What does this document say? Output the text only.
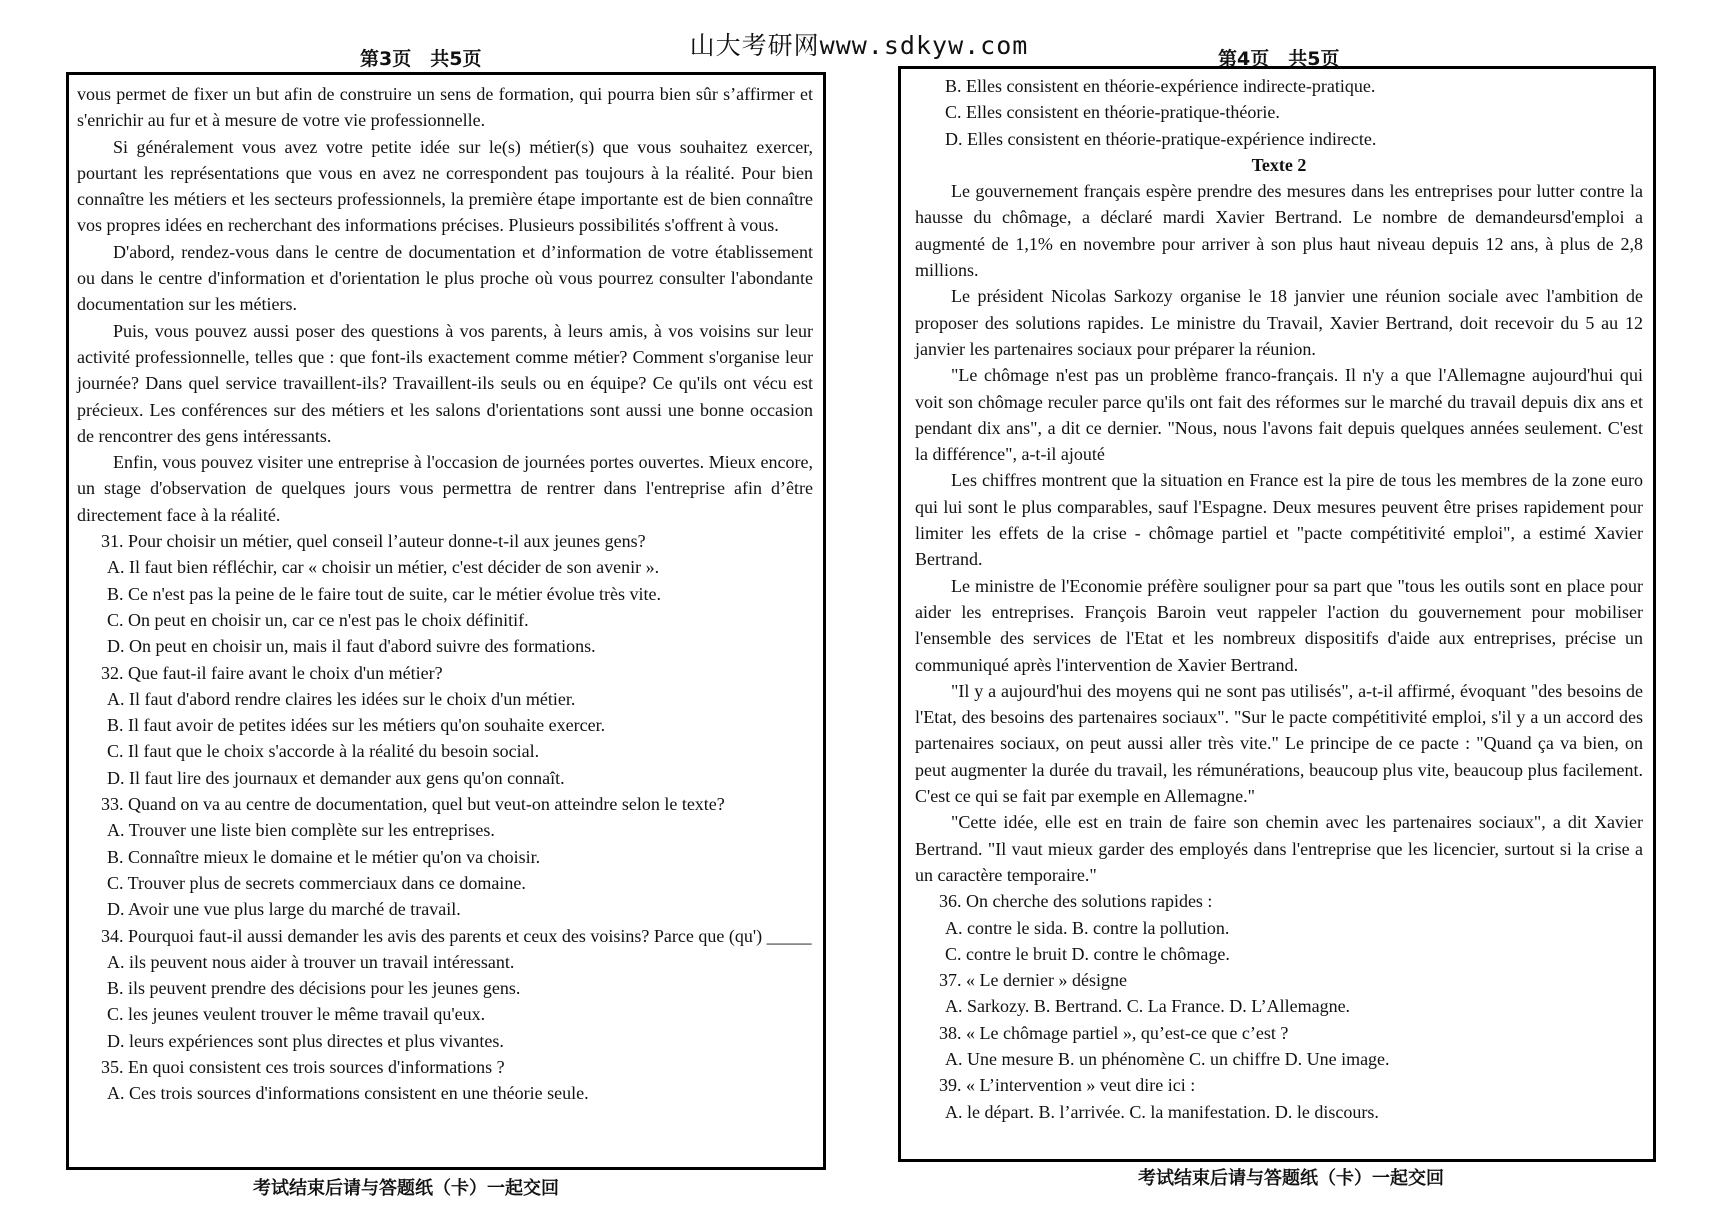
山大考研网www.sdkyw.com
第3页　共5页	第4页　共5页

vous permet de fixer un but afin de construire un sens de formation, qui pourra bien sûr s’affirmer et s'enrichir au fur et à mesure de votre vie professionnelle.

Si généralement vous avez votre petite idée sur le(s) métier(s) que vous souhaitez exercer, pourtant les représentations que vous en avez ne correspondent pas toujours à la réalité. Pour bien connaître les métiers et les secteurs professionnels, la première étape importante est de bien connaître vos propres idées en recherchant des informations précises. Plusieurs possibilités s'offrent à vous.

D'abord, rendez-vous dans le centre de documentation et d’information de votre établissement ou dans le centre d'information et d'orientation le plus proche où vous pourrez consulter l'abondante documentation sur les métiers.

Puis, vous pouvez aussi poser des questions à vos parents, à leurs amis, à vos voisins sur leur activité professionnelle, telles que : que font-ils exactement comme métier? Comment s'organise leur journée? Dans quel service travaillent-ils? Travaillent-ils seuls ou en équipe? Ce qu'ils ont vécu est précieux. Les conférences sur des métiers et les salons d'orientations sont aussi une bonne occasion de rencontrer des gens intéressants.

Enfin, vous pouvez visiter une entreprise à l'occasion de journées portes ouvertes. Mieux encore, un stage d'observation de quelques jours vous permettra de rentrer dans l'entreprise afin d’être directement face à la réalité.

31. Pour choisir un métier, quel conseil l’auteur donne-t-il aux jeunes gens?

A. Il faut bien réfléchir, car « choisir un métier, c'est décider de son avenir ».

B. Ce n'est pas la peine de le faire tout de suite, car le métier évolue très vite.

C. On peut en choisir un, car ce n'est pas le choix définitif.

D. On peut en choisir un, mais il faut d'abord suivre des formations.

32. Que faut-il faire avant le choix d'un métier?

A. Il faut d'abord rendre claires les idées sur le choix d'un métier.

B. Il faut avoir de petites idées sur les métiers qu'on souhaite exercer.

C. Il faut que le choix s'accorde à la réalité du besoin social.

D. Il faut lire des journaux et demander aux gens qu'on connaît.

33. Quand on va au centre de documentation, quel but veut-on atteindre selon le texte?

A. Trouver une liste bien complète sur les entreprises.

B. Connaître mieux le domaine et le métier qu'on va choisir.

C. Trouver plus de secrets commerciaux dans ce domaine.

D. Avoir une vue plus large du marché de travail.

34. Pourquoi faut-il aussi demander les avis des parents et ceux des voisins? Parce que (qu') _____

A. ils peuvent nous aider à trouver un travail intéressant.

B. ils peuvent prendre des décisions pour les jeunes gens.

C. les jeunes veulent trouver le même travail qu'eux.

D. leurs expériences sont plus directes et plus vivantes.

35. En quoi consistent ces trois sources d'informations ?

A. Ces trois sources d'informations consistent en une théorie seule.

B. Elles consistent en théorie-expérience indirecte-pratique.

C. Elles consistent en théorie-pratique-théorie.

D. Elles consistent en théorie-pratique-expérience indirecte.

Texte 2

Le gouvernement français espère prendre des mesures dans les entreprises pour lutter contre la hausse du chômage, a déclaré mardi Xavier Bertrand. Le nombre de demandeursd'emploi a augmenté de 1,1% en novembre pour arriver à son plus haut niveau depuis 12 ans, à plus de 2,8 millions.

Le président Nicolas Sarkozy organise le 18 janvier une réunion sociale avec l'ambition de proposer des solutions rapides. Le ministre du Travail, Xavier Bertrand, doit recevoir du 5 au 12 janvier les partenaires sociaux pour préparer la réunion.

"Le chômage n'est pas un problème franco-français. Il n'y a que l'Allemagne aujourd'hui qui voit son chômage reculer parce qu'ils ont fait des réformes sur le marché du travail depuis dix ans et pendant dix ans", a dit ce dernier. "Nous, nous l'avons fait depuis quelques années seulement. C'est la différence", a-t-il ajouté

Les chiffres montrent que la situation en France est la pire de tous les membres de la zone euro qui lui sont le plus comparables, sauf l'Espagne. Deux mesures peuvent être prises rapidement pour limiter les effets de la crise - chômage partiel et "pacte compétitivité emploi", a estimé Xavier Bertrand.

Le ministre de l'Economie préfère souligner pour sa part que "tous les outils sont en place pour aider les entreprises. François Baroin veut rappeler l'action du gouvernement pour mobiliser l'ensemble des services de l'Etat et les nombreux dispositifs d'aide aux entreprises, précise un communiqué après l'intervention de Xavier Bertrand.

"Il y a aujourd'hui des moyens qui ne sont pas utilisés", a-t-il affirmé, évoquant "des besoins de l'Etat, des besoins des partenaires sociaux". "Sur le pacte compétitivité emploi, s'il y a un accord des partenaires sociaux, on peut aussi aller très vite." Le principe de ce pacte : "Quand ça va bien, on peut augmenter la durée du travail, les rémunérations, beaucoup plus vite, beaucoup plus facilement. C'est ce qui se fait par exemple en Allemagne."

"Cette idée, elle est en train de faire son chemin avec les partenaires sociaux", a dit Xavier Bertrand. "Il vaut mieux garder des employés dans l'entreprise que les licencier, surtout si la crise a un caractère temporaire."

36. On cherche des solutions rapides :

A. contre le sida. B. contre la pollution.

C. contre le bruit D. contre le chômage.

37. « Le dernier » désigne

A. Sarkozy. B. Bertrand. C. La France. D. L’Allemagne.

38. « Le chômage partiel », qu’est-ce que c’est ?

A. Une mesure B. un phénomène C. un chiffre D. Une image.

39. « L’intervention » veut dire ici :

A. le départ. B. l’arrivée. C. la manifestation. D. le discours.

考试结束后请与答题纸（卡）一起交回	考试结束后请与答题纸（卡）一起交回
